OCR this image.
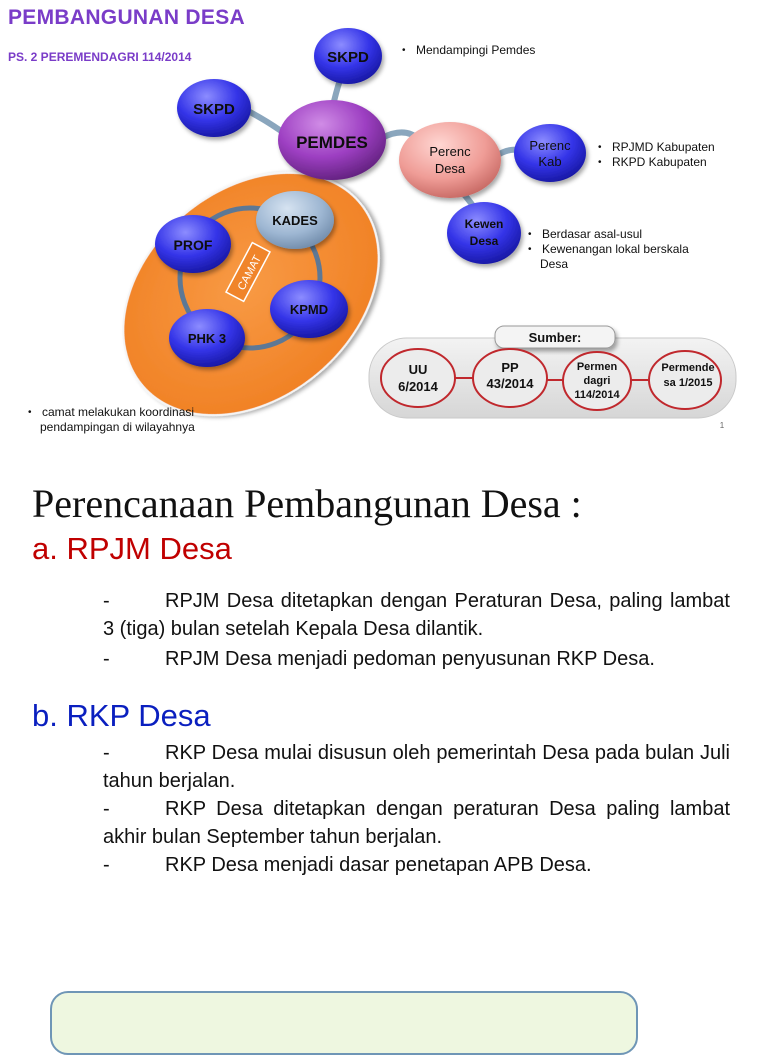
PEMBANGUNAN DESA
PS. 2 PEREMENDAGRI 114/2014	SKPD
SKPD
PEMDES	Perenc
Desa
Perenc
Kab
Kewen
Desa
KADES
PROF
KPMD
PHK 3
CAMAT
Sumber:
UU
6/2014
PP
43/2014
Permen
dagri
114/2014
Permende
sa 1/2015
1
• Mendampingi Pemdes
• RPJMD Kabupaten
• RKPD Kabupaten
• Berdasar asal-usul
• Kewenangan lokal berskala
Desa
• camat melakukan koordinasi
pendampingan di wilayahnya
Perencanaan Pembangunan Desa :
a. RPJM Desa
-	RPJM Desa ditetapkan dengan Peraturan Desa, paling lambat 3 (tiga) bulan setelah Kepala Desa dilantik.
-	RPJM Desa menjadi pedoman penyusunan RKP Desa.
b. RKP Desa
-	RKP Desa mulai disusun oleh pemerintah Desa pada bulan Juli tahun berjalan.
-	RKP Desa ditetapkan dengan peraturan Desa paling lambat akhir bulan September tahun berjalan.
-	RKP Desa menjadi dasar penetapan APB Desa.
